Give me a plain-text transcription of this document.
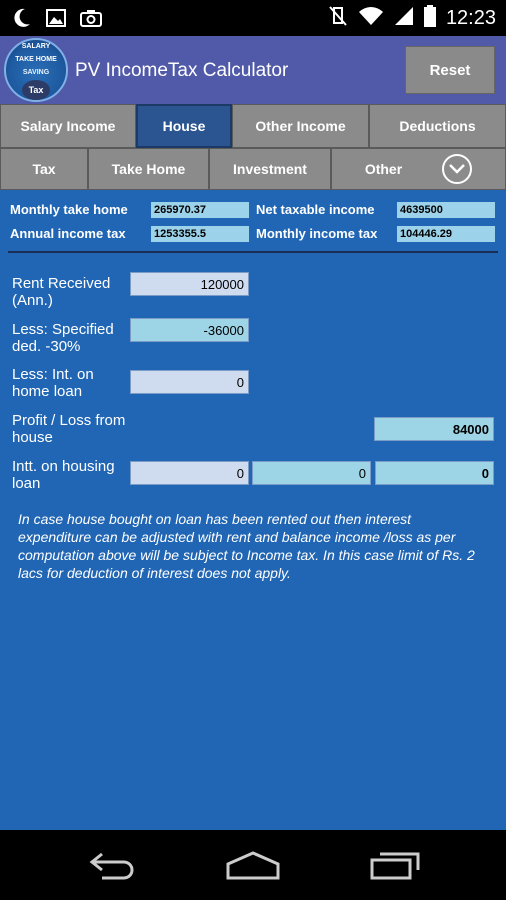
12:23
SALARY
TAKE HOME
SAVING
Tax
PV IncomeTax Calculator	Reset
Salary Income	House	Other Income	Deductions
Tax	Take Home	Investment	Other
Monthly take home 265970.37	Net taxable income 4639500
Annual income tax	1253355.5	Monthly income tax 104446.29
Rent Received (Ann.)
120000
Less: Specified ded. -30%
-36000
Less: Int. on home loan
0
Profit / Loss from house	84000
Intt. on housing loan
0	0	0
In case house bought on loan has been rented out then interest expenditure can be adjusted with rent and balance income /loss as per computation above will be subject to Income tax. In this case limit of Rs. 2 lacs for deduction of interest does not apply.
